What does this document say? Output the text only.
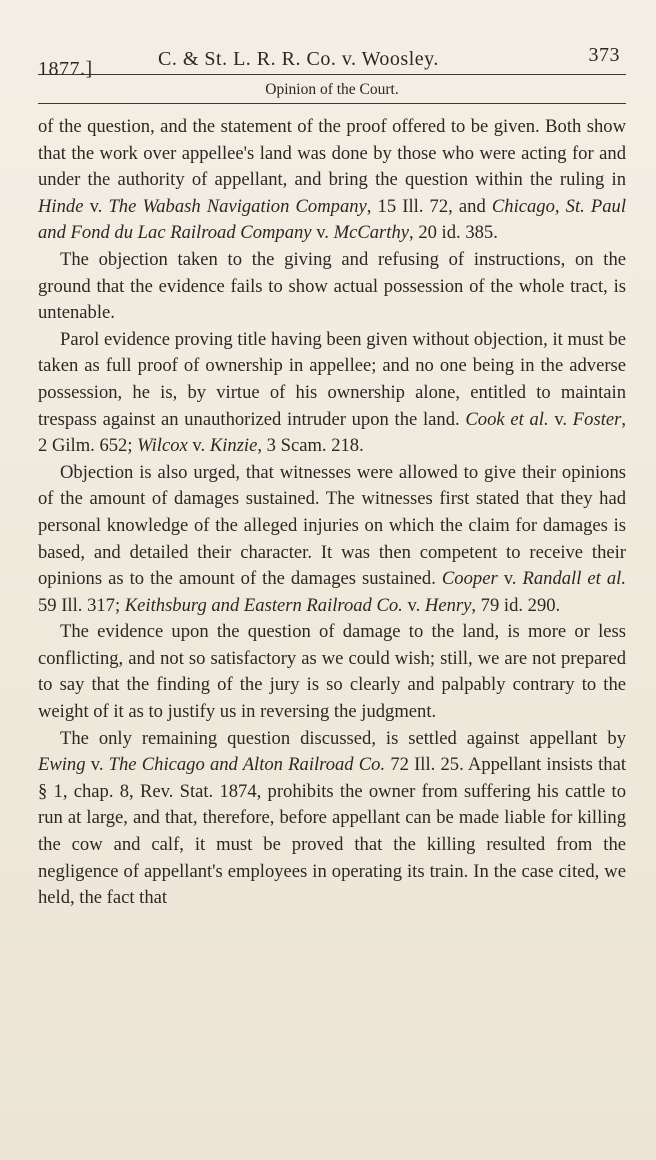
1877.]	C. & St. L. R. R. Co. v. Woosley.	373
Opinion of the Court.

of the question, and the statement of the proof offered to be given. Both show that the work over appellee's land was done by those who were acting for and under the authority of appellant, and bring the question within the ruling in Hinde v. The Wabash Navigation Company, 15 Ill. 72, and Chicago, St. Paul and Fond du Lac Railroad Company v. McCarthy, 20 id. 385.

The objection taken to the giving and refusing of instructions, on the ground that the evidence fails to show actual possession of the whole tract, is untenable.

Parol evidence proving title having been given without objection, it must be taken as full proof of ownership in appellee; and no one being in the adverse possession, he is, by virtue of his ownership alone, entitled to maintain trespass against an unauthorized intruder upon the land. Cook et al. v. Foster, 2 Gilm. 652; Wilcox v. Kinzie, 3 Scam. 218.

Objection is also urged, that witnesses were allowed to give their opinions of the amount of damages sustained. The witnesses first stated that they had personal knowledge of the alleged injuries on which the claim for damages is based, and detailed their character. It was then competent to receive their opinions as to the amount of the damages sustained. Cooper v. Randall et al. 59 Ill. 317; Keithsburg and Eastern Railroad Co. v. Henry, 79 id. 290.

The evidence upon the question of damage to the land, is more or less conflicting, and not so satisfactory as we could wish; still, we are not prepared to say that the finding of the jury is so clearly and palpably contrary to the weight of it as to justify us in reversing the judgment.

The only remaining question discussed, is settled against appellant by Ewing v. The Chicago and Alton Railroad Co. 72 Ill. 25. Appellant insists that § 1, chap. 8, Rev. Stat. 1874, prohibits the owner from suffering his cattle to run at large, and that, therefore, before appellant can be made liable for killing the cow and calf, it must be proved that the killing resulted from the negligence of appellant's employees in operating its train. In the case cited, we held, the fact that
